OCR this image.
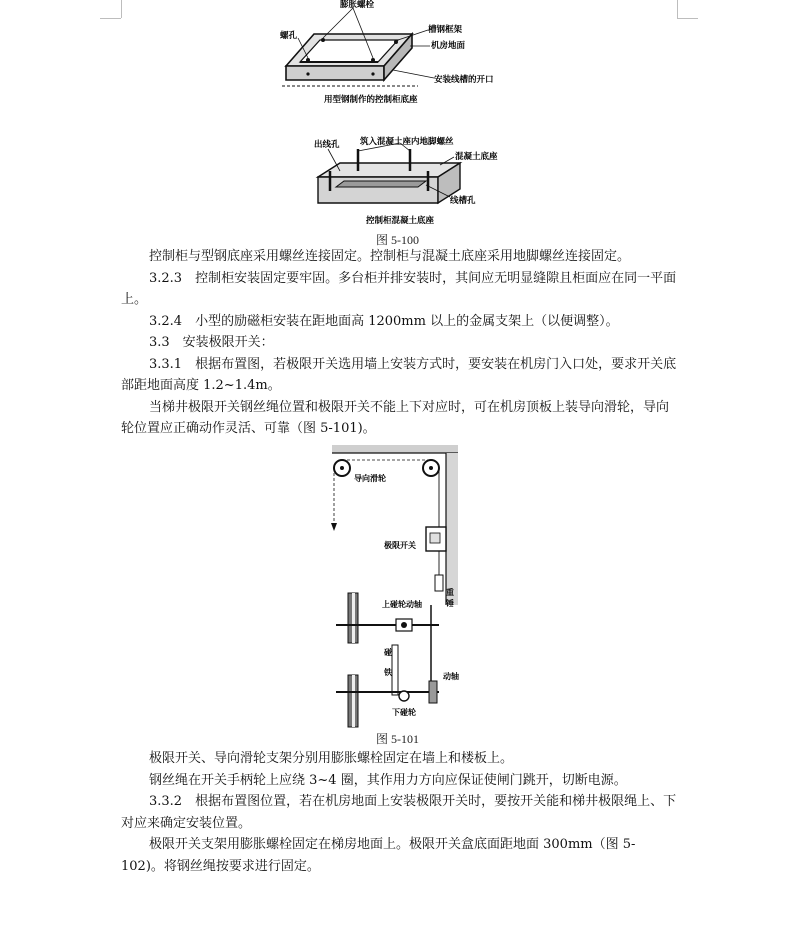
螺孔
膨胀螺栓
槽钢框架
机房地面
安装线槽的开口
用型钢制作的控制柜底座
出线孔 筑入混凝土座内地脚螺丝
混凝土底座
线槽孔
控制柜混凝土底座
图 5-100

控制柜与型钢底座采用螺丝连接固定。控制柜与混凝土底座采用地脚螺丝连接固定。

3.2.3　控制柜安装固定要牢固。多台柜并排安装时，其间应无明显缝隙且柜面应在同一平面上。

3.2.4　小型的励磁柜安装在距地面高 1200mm 以上的金属支架上（以便调整）。

3.3　安装极限开关：

3.3.1　根据布置图，若极限开关选用墙上安装方式时，要安装在机房门入口处，要求开关底部距地面高度 1.2~1.4m。

当梯井极限开关钢丝绳位置和极限开关不能上下对应时，可在机房顶板上装导向滑轮，导向轮位置应正确动作灵活、可靠（图 5-101)。

导向滑轮
极限开关
重
锤
上碰轮动轴
碰
铁	动轴
下碰轮
图 5-101

极限开关、导向滑轮支架分别用膨胀螺栓固定在墙上和楼板上。

钢丝绳在开关手柄轮上应绕 3~4 圈，其作用力方向应保证使闸门跳开，切断电源。

3.3.2　根据布置图位置，若在机房地面上安装极限开关时，要按开关能和梯井极限绳上、下对应来确定安装位置。

极限开关支架用膨胀螺栓固定在梯房地面上。极限开关盒底面距地面 300mm（图 5-102)。将钢丝绳按要求进行固定。
